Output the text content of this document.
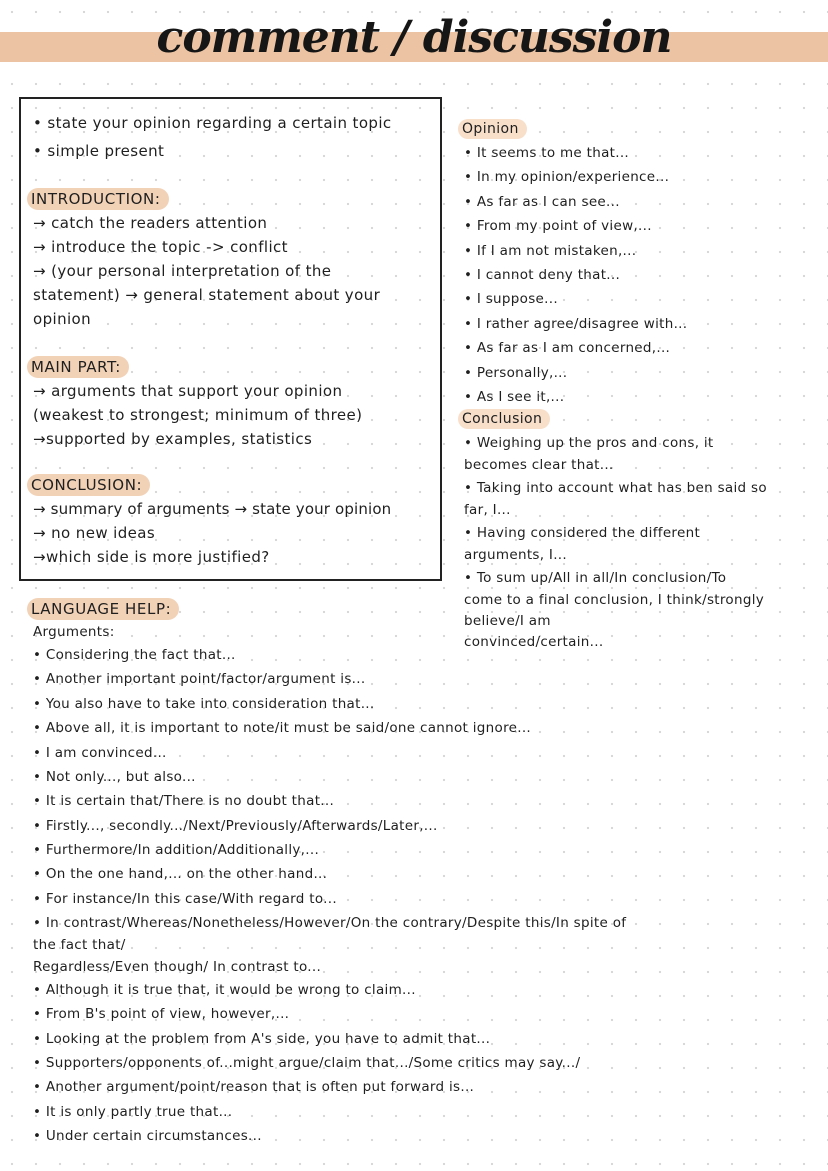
comment / discussion

• state your opinion regarding a certain topic

• simple present

INTRODUCTION:

→ catch the readers attention

→ introduce the topic -> conflict

→ (your personal interpretation of the

statement) → general statement about your

opinion

MAIN PART:

→ arguments that support your opinion

(weakest to strongest; minimum of three)

→supported by examples, statistics

CONCLUSION:

→ summary of arguments → state your opinion

→ no new ideas

→which side is more justified?

Opinion

• It seems to me that...

• In my opinion/experience...

• As far as I can see...

• From my point of view,...

• If I am not mistaken,...

• I cannot deny that...

• I suppose...

• I rather agree/disagree with...

• As far as I am concerned,...

• Personally,...

• As I see it,...

Conclusion

• Weighing up the pros and cons, it

becomes clear that...

• Taking into account what has ben said so

far, I...

• Having considered the different

arguments, I...

• To sum up/All in all/In conclusion/To

come to a final conclusion, I think/strongly

believe/I am

convinced/certain...

LANGUAGE HELP:

Arguments:

• Considering the fact that...

• Another important point/factor/argument is...

• You also have to take into consideration that...

• Above all, it is important to note/it must be said/one cannot ignore...

• I am convinced...

• Not only..., but also...

• It is certain that/There is no doubt that...

• Firstly..., secondly.../Next/Previously/Afterwards/Later,...

• Furthermore/In addition/Additionally,...

• On the one hand,... on the other hand...

• For instance/In this case/With regard to...

• In contrast/Whereas/Nonetheless/However/On the contrary/Despite this/In spite of

the fact that/

Regardless/Even though/ In contrast to...

• Although it is true that, it would be wrong to claim...

• From B's point of view, however,...

• Looking at the problem from A's side, you have to admit that...

• Supporters/opponents of...might argue/claim that.../Some critics may say.../

• Another argument/point/reason that is often put forward is...

• It is only partly true that...

• Under certain circumstances...
